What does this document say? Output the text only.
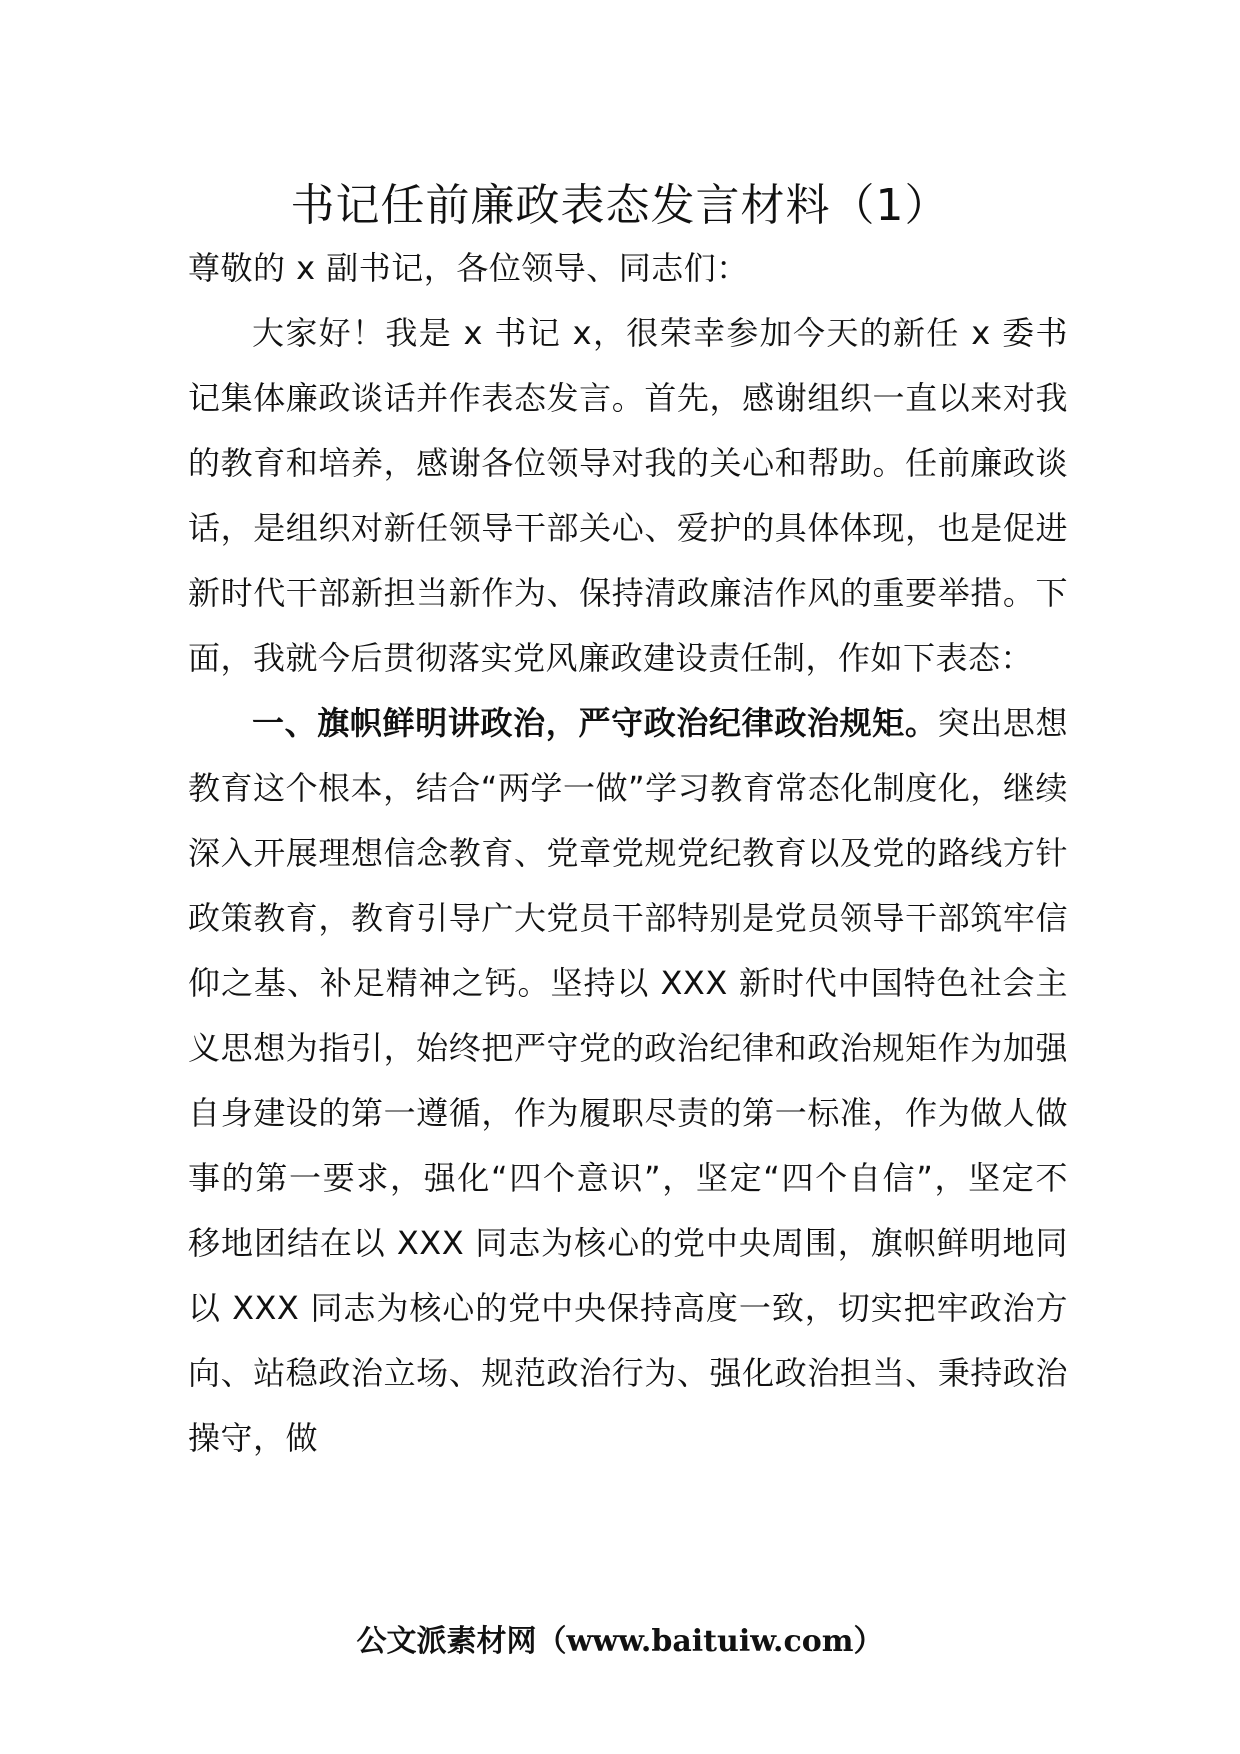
书记任前廉政表态发言材料（1）

尊敬的 x 副书记，各位领导、同志们：

大家好！我是 x 书记 x，很荣幸参加今天的新任 x 委书记集体廉政谈话并作表态发言。首先，感谢组织一直以来对我的教育和培养，感谢各位领导对我的关心和帮助。任前廉政谈话，是组织对新任领导干部关心、爱护的具体体现，也是促进新时代干部新担当新作为、保持清政廉洁作风的重要举措。下面，我就今后贯彻落实党风廉政建设责任制，作如下表态：

一、旗帜鲜明讲政治，严守政治纪律政治规矩。突出思想教育这个根本，结合“两学一做”学习教育常态化制度化，继续深入开展理想信念教育、党章党规党纪教育以及党的路线方针政策教育，教育引导广大党员干部特别是党员领导干部筑牢信仰之基、补足精神之钙。坚持以 XXX 新时代中国特色社会主义思想为指引，始终把严守党的政治纪律和政治规矩作为加强自身建设的第一遵循，作为履职尽责的第一标准，作为做人做事的第一要求，强化“四个意识”，坚定“四个自信”，坚定不移地团结在以 XXX 同志为核心的党中央周围，旗帜鲜明地同以 XXX 同志为核心的党中央保持高度一致，切实把牢政治方向、站稳政治立场、规范政治行为、强化政治担当、秉持政治操守，做

公文派素材网（www.baituiw.com）
